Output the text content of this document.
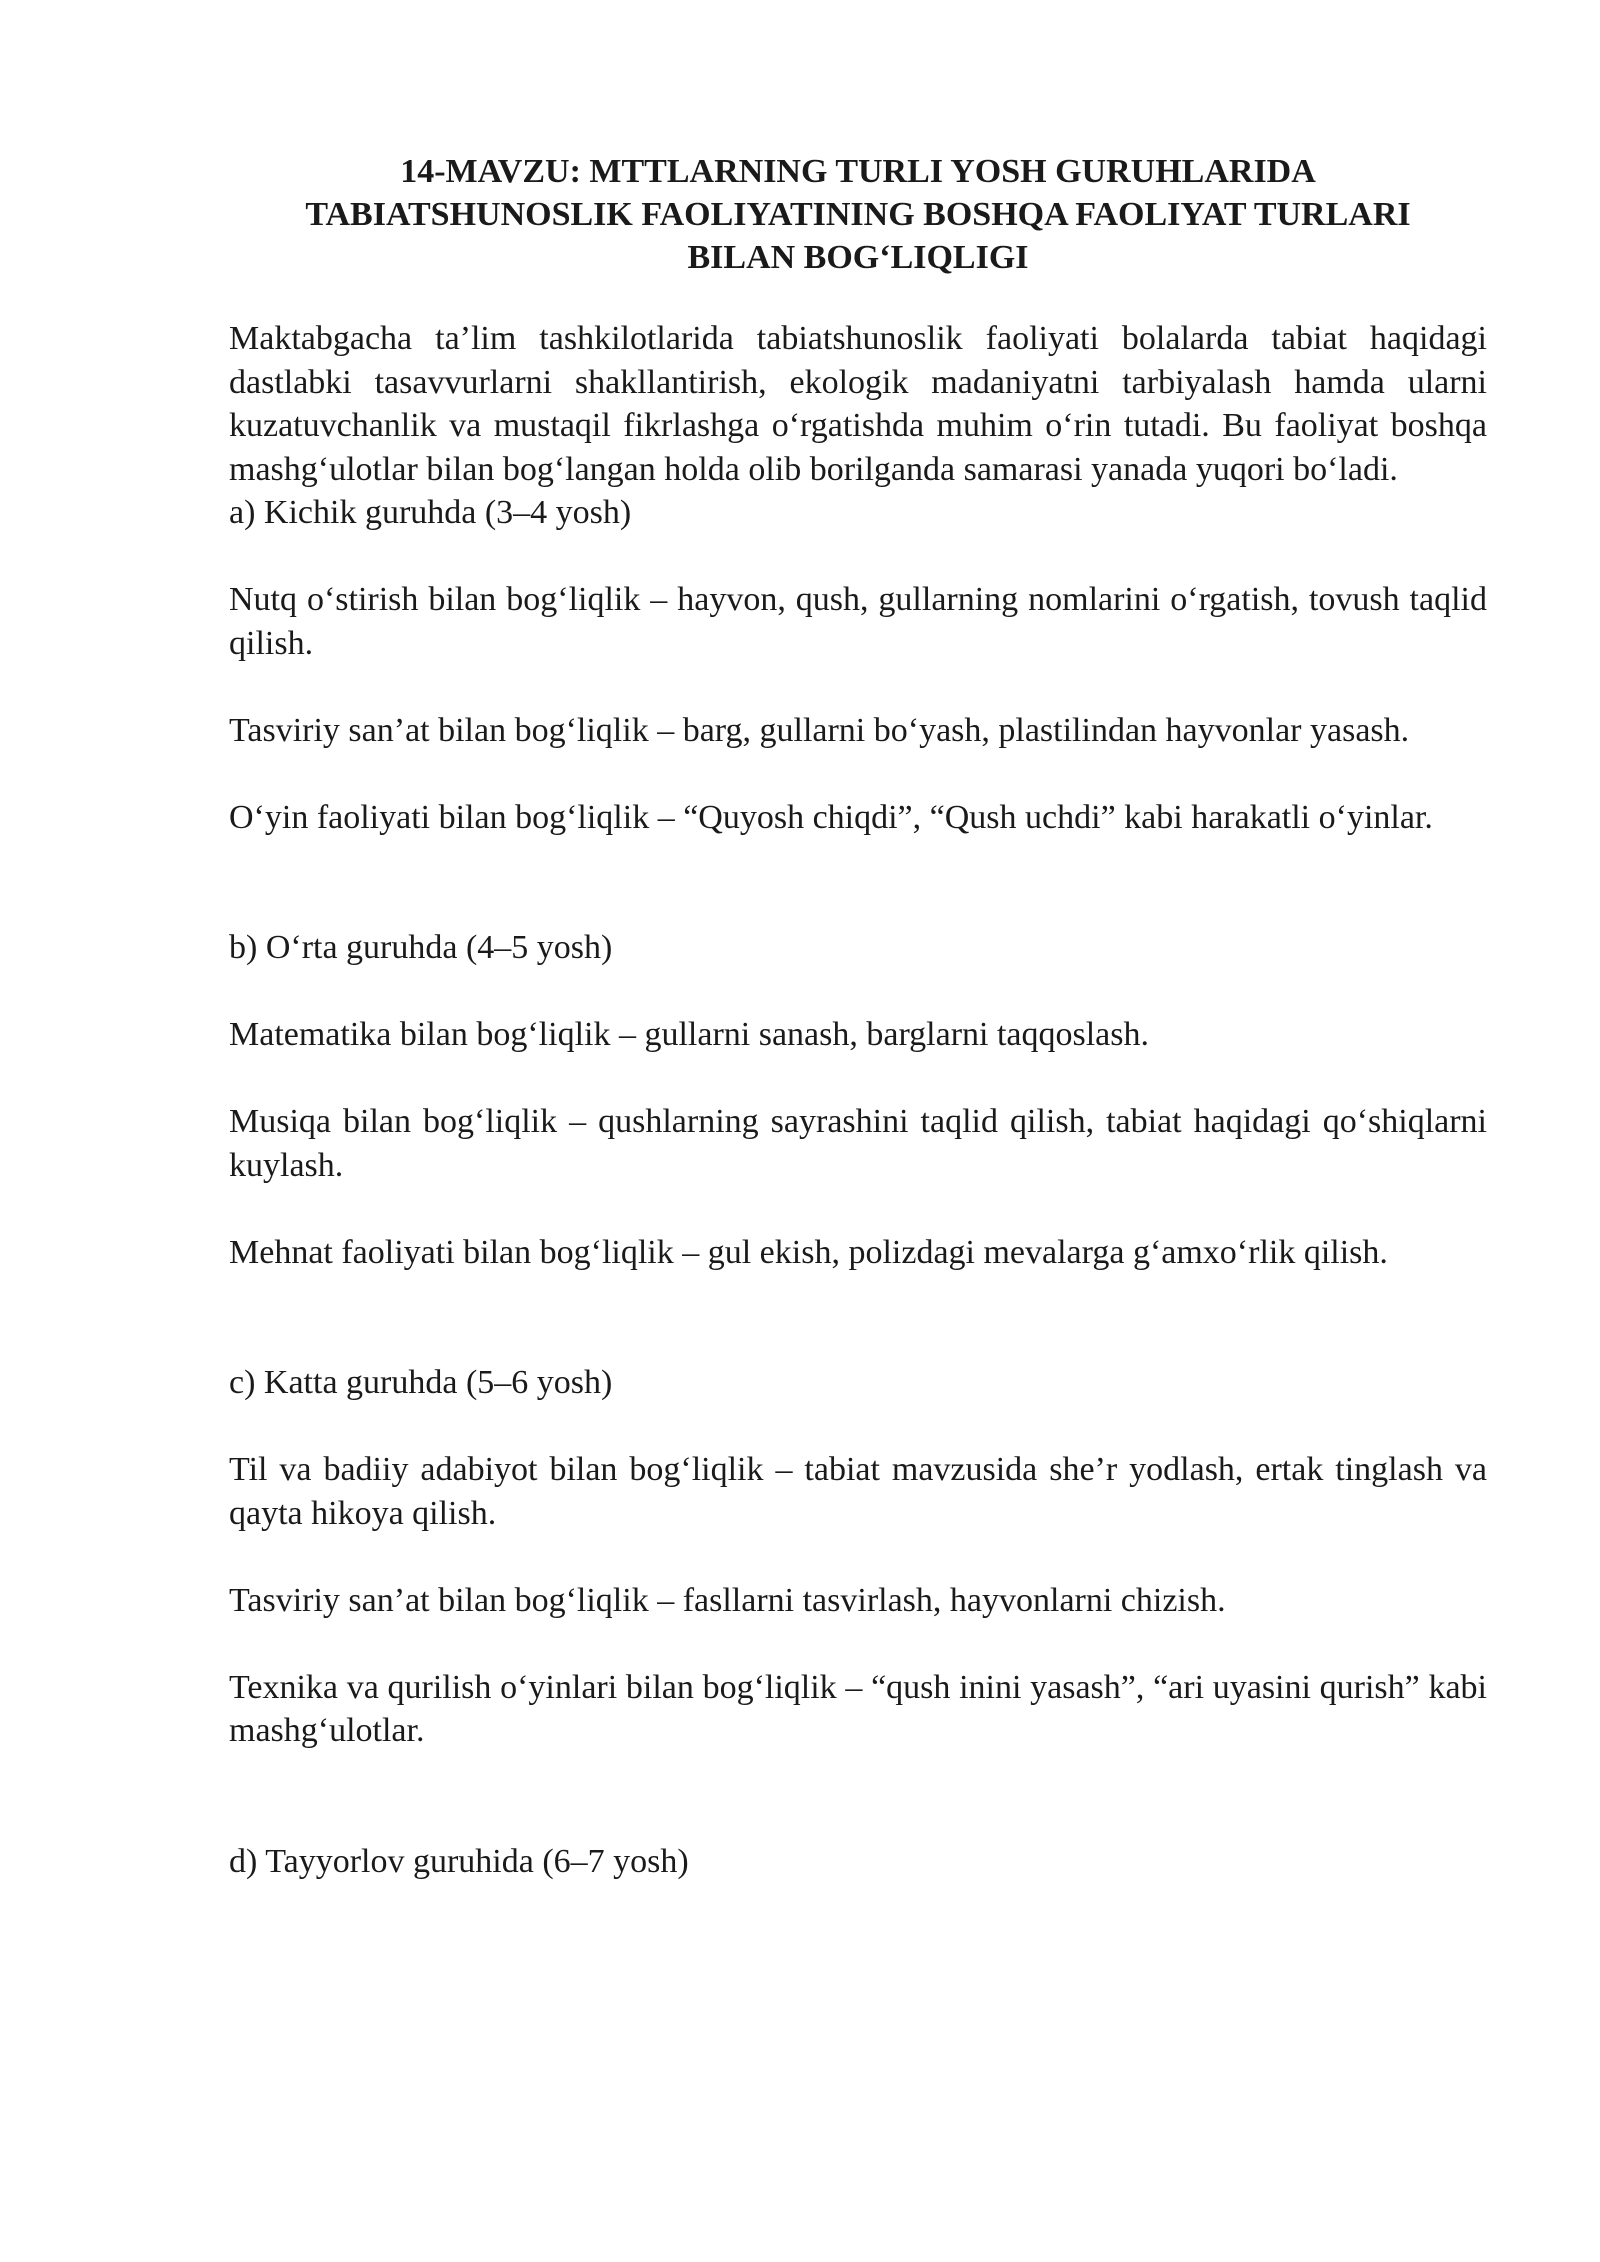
14-MAVZU: MTTLARNING TURLI YOSH GURUHLARIDA
TABIATSHUNOSLIK FAOLIYATINING BOSHQA FAOLIYAT TURLARI
BILAN BOG‘LIQLIGI

Maktabgacha ta’lim tashkilotlarida tabiatshunoslik faoliyati bolalarda tabiat haqidagi dastlabki tasavvurlarni shakllantirish, ekologik madaniyatni tarbiyalash hamda ularni kuzatuvchanlik va mustaqil fikrlashga o‘rgatishda muhim o‘rin tutadi. Bu faoliyat boshqa mashg‘ulotlar bilan bog‘langan holda olib borilganda samarasi yanada yuqori bo‘ladi.

a) Kichik guruhda (3–4 yosh)

Nutq o‘stirish bilan bog‘liqlik – hayvon, qush, gullarning nomlarini o‘rgatish, tovush taqlid qilish.

Tasviriy san’at bilan bog‘liqlik – barg, gullarni bo‘yash, plastilindan hayvonlar yasash.

O‘yin faoliyati bilan bog‘liqlik – “Quyosh chiqdi”, “Qush uchdi” kabi harakatli o‘yinlar.

b) O‘rta guruhda (4–5 yosh)

Matematika bilan bog‘liqlik – gullarni sanash, barglarni taqqoslash.

Musiqa bilan bog‘liqlik – qushlarning sayrashini taqlid qilish, tabiat haqidagi qo‘shiqlarni kuylash.

Mehnat faoliyati bilan bog‘liqlik – gul ekish, polizdagi mevalarga g‘amxo‘rlik qilish.

c) Katta guruhda (5–6 yosh)

Til va badiiy adabiyot bilan bog‘liqlik – tabiat mavzusida she’r yodlash, ertak tinglash va qayta hikoya qilish.

Tasviriy san’at bilan bog‘liqlik – fasllarni tasvirlash, hayvonlarni chizish.

Texnika va qurilish o‘yinlari bilan bog‘liqlik – “qush inini yasash”, “ari uyasini qurish” kabi mashg‘ulotlar.

d) Tayyorlov guruhida (6–7 yosh)
